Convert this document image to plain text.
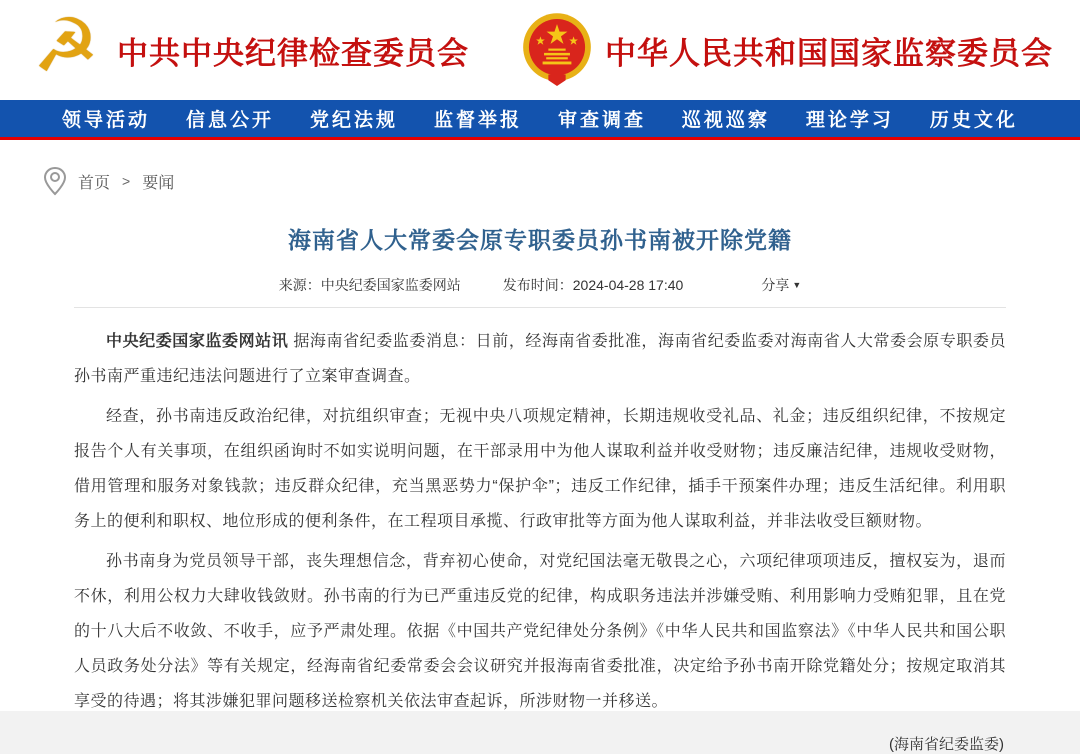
☭ 中共中央纪律检查委员会	中华人民共和国国家监察委员会
领导活动 信息公开 党纪法规 监督举报 审查调查 巡视巡察 理论学习 历史文化
首页 > 要闻
海南省人大常委会原专职委员孙书南被开除党籍
来源：中央纪委国家监委网站	发布时间：2024-04-28 17:40	分享 ▼

中央纪委国家监委网站讯 据海南省纪委监委消息：日前，经海南省委批准，海南省纪委监委对海南省人大常委会原专职委员孙书南严重违纪违法问题进行了立案审查调查。

经查，孙书南违反政治纪律，对抗组织审查；无视中央八项规定精神，长期违规收受礼品、礼金；违反组织纪律，不按规定报告个人有关事项，在组织函询时不如实说明问题，在干部录用中为他人谋取利益并收受财物；违反廉洁纪律，违规收受财物，借用管理和服务对象钱款；违反群众纪律，充当黑恶势力“保护伞”；违反工作纪律，插手干预案件办理；违反生活纪律。利用职务上的便利和职权、地位形成的便利条件，在工程项目承揽、行政审批等方面为他人谋取利益，并非法收受巨额财物。

孙书南身为党员领导干部，丧失理想信念，背弃初心使命，对党纪国法毫无敬畏之心，六项纪律项项违反，擅权妄为，退而不休，利用公权力大肆收钱敛财。孙书南的行为已严重违反党的纪律，构成职务违法并涉嫌受贿、利用影响力受贿犯罪，且在党的十八大后不收敛、不收手，应予严肃处理。依据《中国共产党纪律处分条例》《中华人民共和国监察法》《中华人民共和国公职人员政务处分法》等有关规定，经海南省纪委常委会会议研究并报海南省委批准，决定给予孙书南开除党籍处分；按规定取消其享受的待遇；将其涉嫌犯罪问题移送检察机关依法审查起诉，所涉财物一并移送。

(海南省纪委监委)
